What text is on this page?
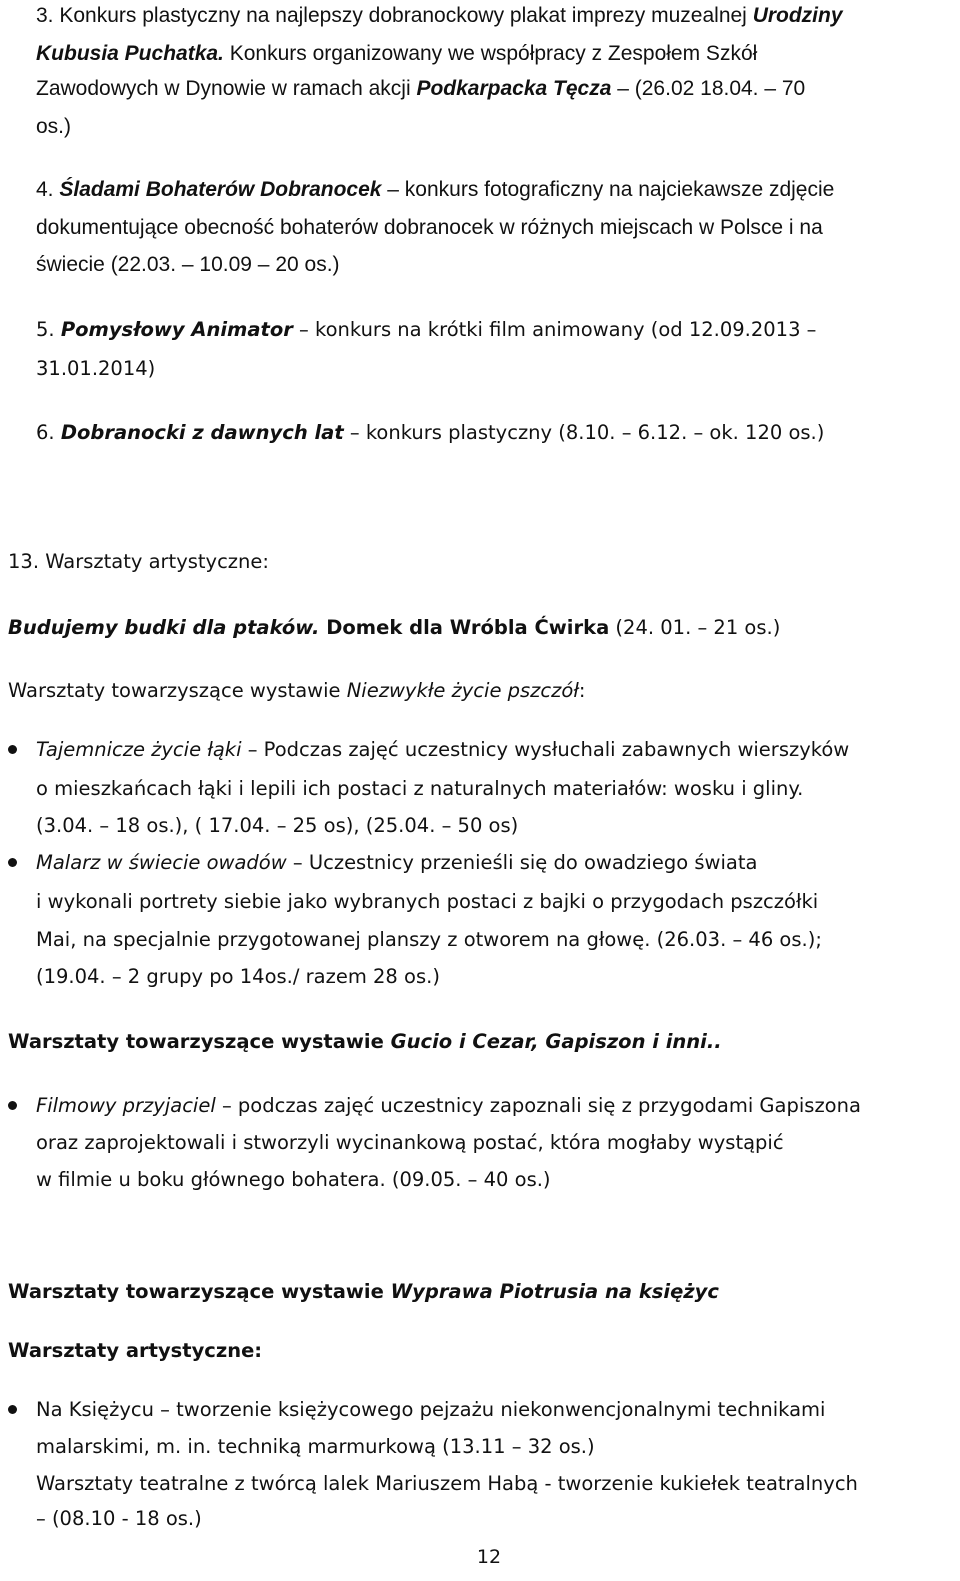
3. Konkurs plastyczny na najlepszy dobranockowy plakat imprezy muzealnej Urodziny
Kubusia Puchatka. Konkurs organizowany we współpracy z Zespołem Szkół
Zawodowych w Dynowie w ramach akcji Podkarpacka Tęcza – (26.02 18.04. – 70
os.)
4. Śladami Bohaterów Dobranocek – konkurs fotograficzny na najciekawsze zdjęcie
dokumentujące obecność bohaterów dobranocek w różnych miejscach w Polsce i na
świecie (22.03. – 10.09 – 20 os.)
5. Pomysłowy Animator – konkurs na krótki film animowany (od 12.09.2013 –
31.01.2014)
6. Dobranocki z dawnych lat – konkurs plastyczny (8.10. – 6.12. – ok. 120 os.)
13. Warsztaty artystyczne:
Budujemy budki dla ptaków. Domek dla Wróbla Ćwirka (24. 01. – 21 os.)
Warsztaty towarzyszące wystawie Niezwykłe życie pszczół:
Tajemnicze życie łąki – Podczas zajęć uczestnicy wysłuchali zabawnych wierszyków
o mieszkańcach łąki i lepili ich postaci z naturalnych materiałów: wosku i gliny.
(3.04. – 18 os.), ( 17.04. – 25 os), (25.04. – 50 os)
Malarz w świecie owadów – Uczestnicy przenieśli się do owadziego świata
i wykonali portrety siebie jako wybranych postaci z bajki o przygodach pszczółki
Mai, na specjalnie przygotowanej planszy z otworem na głowę. (26.03. – 46 os.);
(19.04. – 2 grupy po 14os./ razem 28 os.)
Warsztaty towarzyszące wystawie Gucio i Cezar, Gapiszon i inni..
Filmowy przyjaciel – podczas zajęć uczestnicy zapoznali się z przygodami Gapiszona
oraz zaprojektowali i stworzyli wycinankową postać, która mogłaby wystąpić
w filmie u boku głównego bohatera. (09.05. – 40 os.)
Warsztaty towarzyszące wystawie Wyprawa Piotrusia na księżyc
Warsztaty artystyczne:
Na Księżycu – tworzenie księżycowego pejzażu niekonwencjonalnymi technikami
malarskimi, m. in. techniką marmurkową (13.11 – 32 os.)
Warsztaty teatralne z twórcą lalek Mariuszem Habą - tworzenie kukiełek teatralnych
– (08.10 - 18 os.)
12
